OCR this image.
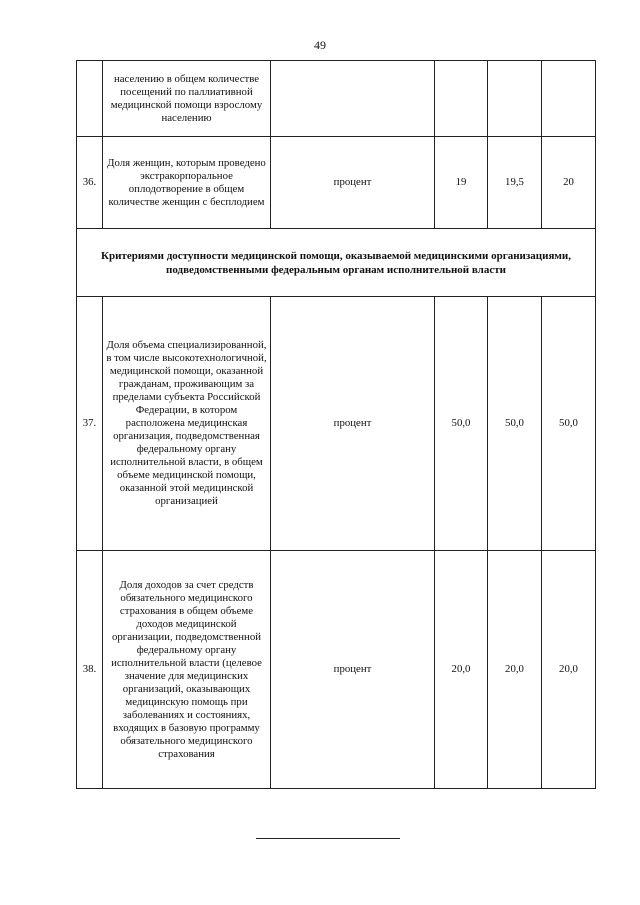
49
	населению в общем количестве посещений по паллиативной медицинской помощи взрослому населению				
36.	Доля женщин, которым проведено экстракорпоральное оплодотворение в общем количестве женщин с бесплодием	процент	19	19,5	20
Критериями доступности медицинской помощи, оказываемой медицинскими организациями, подведомственными федеральным органам исполнительной власти					
37.	Доля объема специализированной, в том числе высокотехнологичной, медицинской помощи, оказанной гражданам, проживающим за пределами субъекта Российской Федерации, в котором расположена медицинская организация, подведомственная федеральному органу исполнительной власти, в общем объеме медицинской помощи, оказанной этой медицинской организацией	процент	50,0	50,0	50,0
38.	Доля доходов за счет средств обязательного медицинского страхования в общем объеме доходов медицинской организации, подведомственной федеральному органу исполнительной власти (целевое значение для медицинских организаций, оказывающих медицинскую помощь при заболеваниях и состояниях, входящих в базовую программу обязательного медицинского страхования	процент	20,0	20,0	20,0
